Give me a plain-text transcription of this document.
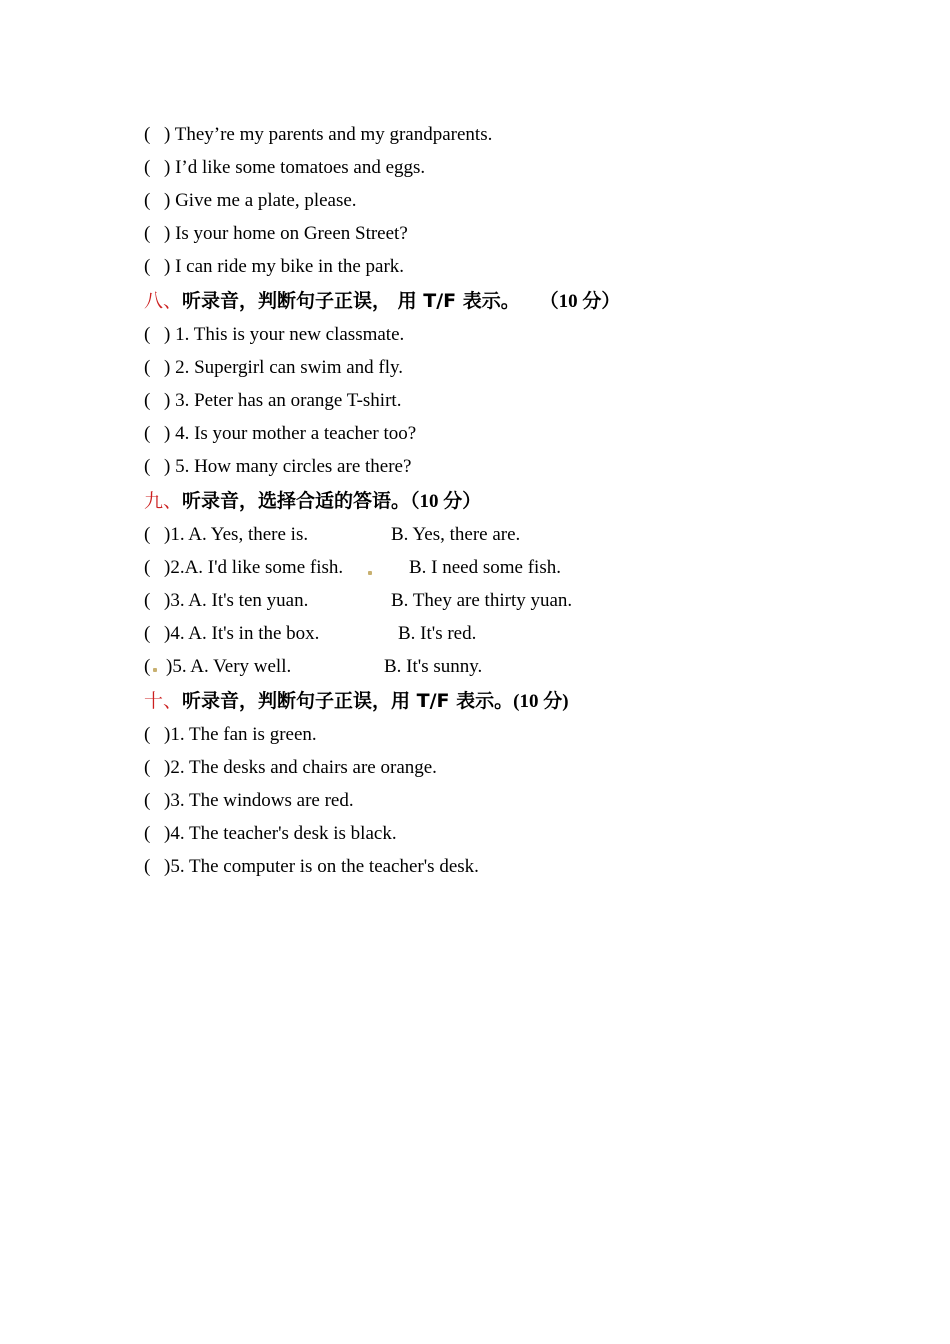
( ) They’re my parents and my grandparents.
( ) I’d like some tomatoes and eggs.
( ) Give me a plate, please.
( ) Is your home on Green Street?
( ) I can ride my bike in the park.
八、听录音，判断句子正误， 用 T/F 表示。 （10 分）
( ) 1. This is your new classmate.
( ) 2. Supergirl can swim and fly.
( ) 3. Peter has an orange T-shirt.
( ) 4. Is your mother a teacher too?
( ) 5. How many circles are there?
九、听录音，选择合适的答语。（10 分）
( )1. A. Yes, there is.	B. Yes, there are.
( )2.A. I'd like some fish.	B. I need some fish.
( )3. A. It's ten yuan.	B. They are thirty yuan.
( )4. A. It's in the box.	B. It's red.
( )5. A. Very well.	B. It's sunny.
十、听录音，判断句子正误，用 T/F 表示。(10 分)
( )1. The fan is green.
( )2. The desks and chairs are orange.
( )3. The windows are red.
( )4. The teacher's desk is black.
( )5. The computer is on the teacher's desk.
